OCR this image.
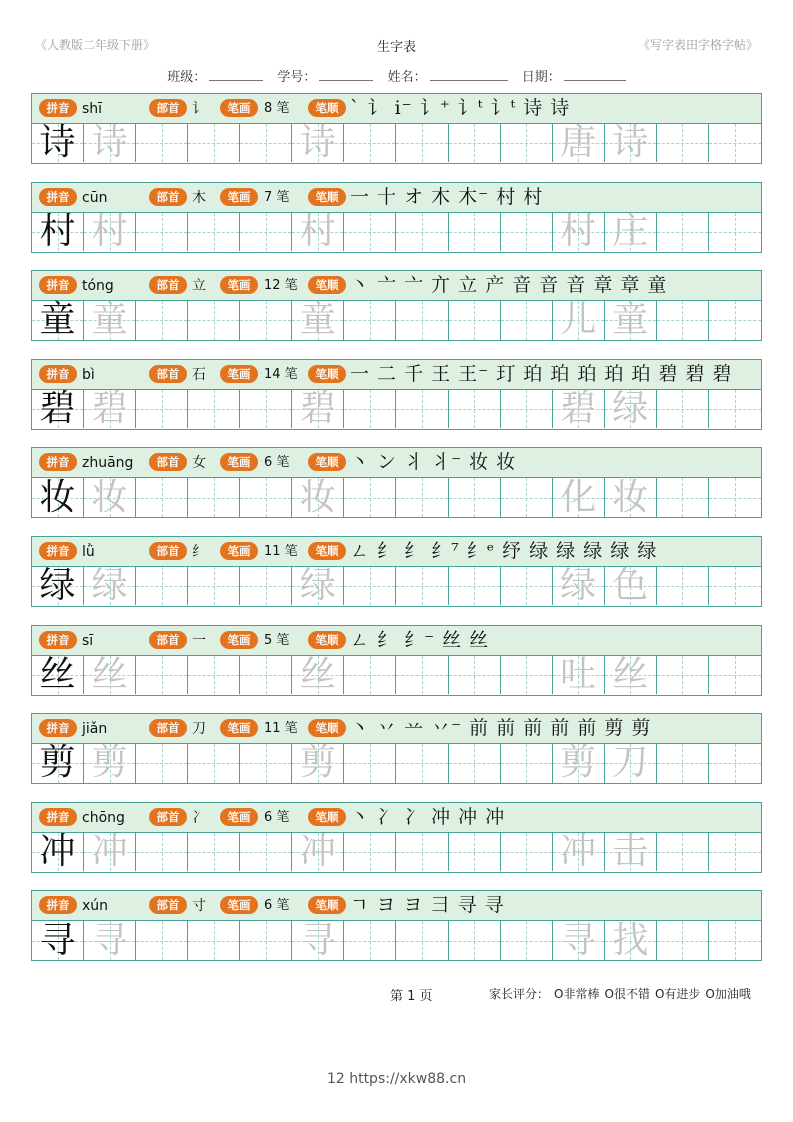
《人教版二年级下册》	生字表	《写字表田字格字帖》
班级：	学号：	姓名：	日期：
拼音 shī	部首 讠	笔画	8 笔	笔顺 ` 讠 i⁻ 讠⁺ 讠ᵗ 讠ᵗ 诗 诗
诗 诗	诗	唐 诗
拼音 cūn	部首 木	笔画	7 笔	笔顺 一 十 オ 木 木⁻ 村 村
村 村	村	村 庄
拼音 tóng	部首 立	笔画	12 笔	笔顺 丶 亠 亠 亣 立 产 音 音 音 章 章 童
童 童	童	儿 童
拼音 bì	部首 石	笔画	14 笔	笔顺 一 二 千 王 王⁻ 玎 珀 珀 珀 珀 珀 碧 碧 碧
碧 碧	碧	碧 绿
拼音 zhuāng	部首 女	笔画	6 笔	笔顺 丶 ン 丬 丬⁻ 妆 妆
妆 妆	妆	化 妆
拼音 lǜ	部首 纟	笔画	11 笔	笔顺 ㄥ 纟 纟 纟⁷ 纟ᵉ 纾 绿 绿 绿 绿 绿
绿 绿	绿	绿 色
拼音 sī	部首 一	笔画	5 笔	笔顺 ㄥ 纟 纟⁻ 丝 丝
丝 丝	丝	吐 丝
拼音 jiǎn	部首 刀	笔画	11 笔	笔顺 丶 丷 䒑 丷⁻ 前 前 前 前 前 剪 剪
剪 剪	剪	剪 刀
拼音 chōng	部首 冫	笔画	6 笔	笔顺 丶 冫 冫 冲 冲 冲
冲 冲	冲	冲 击
拼音 xún	部首 寸	笔画	6 笔	笔顺 ㄱ ヨ ヨ 彐 寻 寻
寻 寻	寻	寻 找
第 1 页	家长评分： O 非常棒 O 很不错 O 有进步 O 加油哦
12 https://xkw88.cn
